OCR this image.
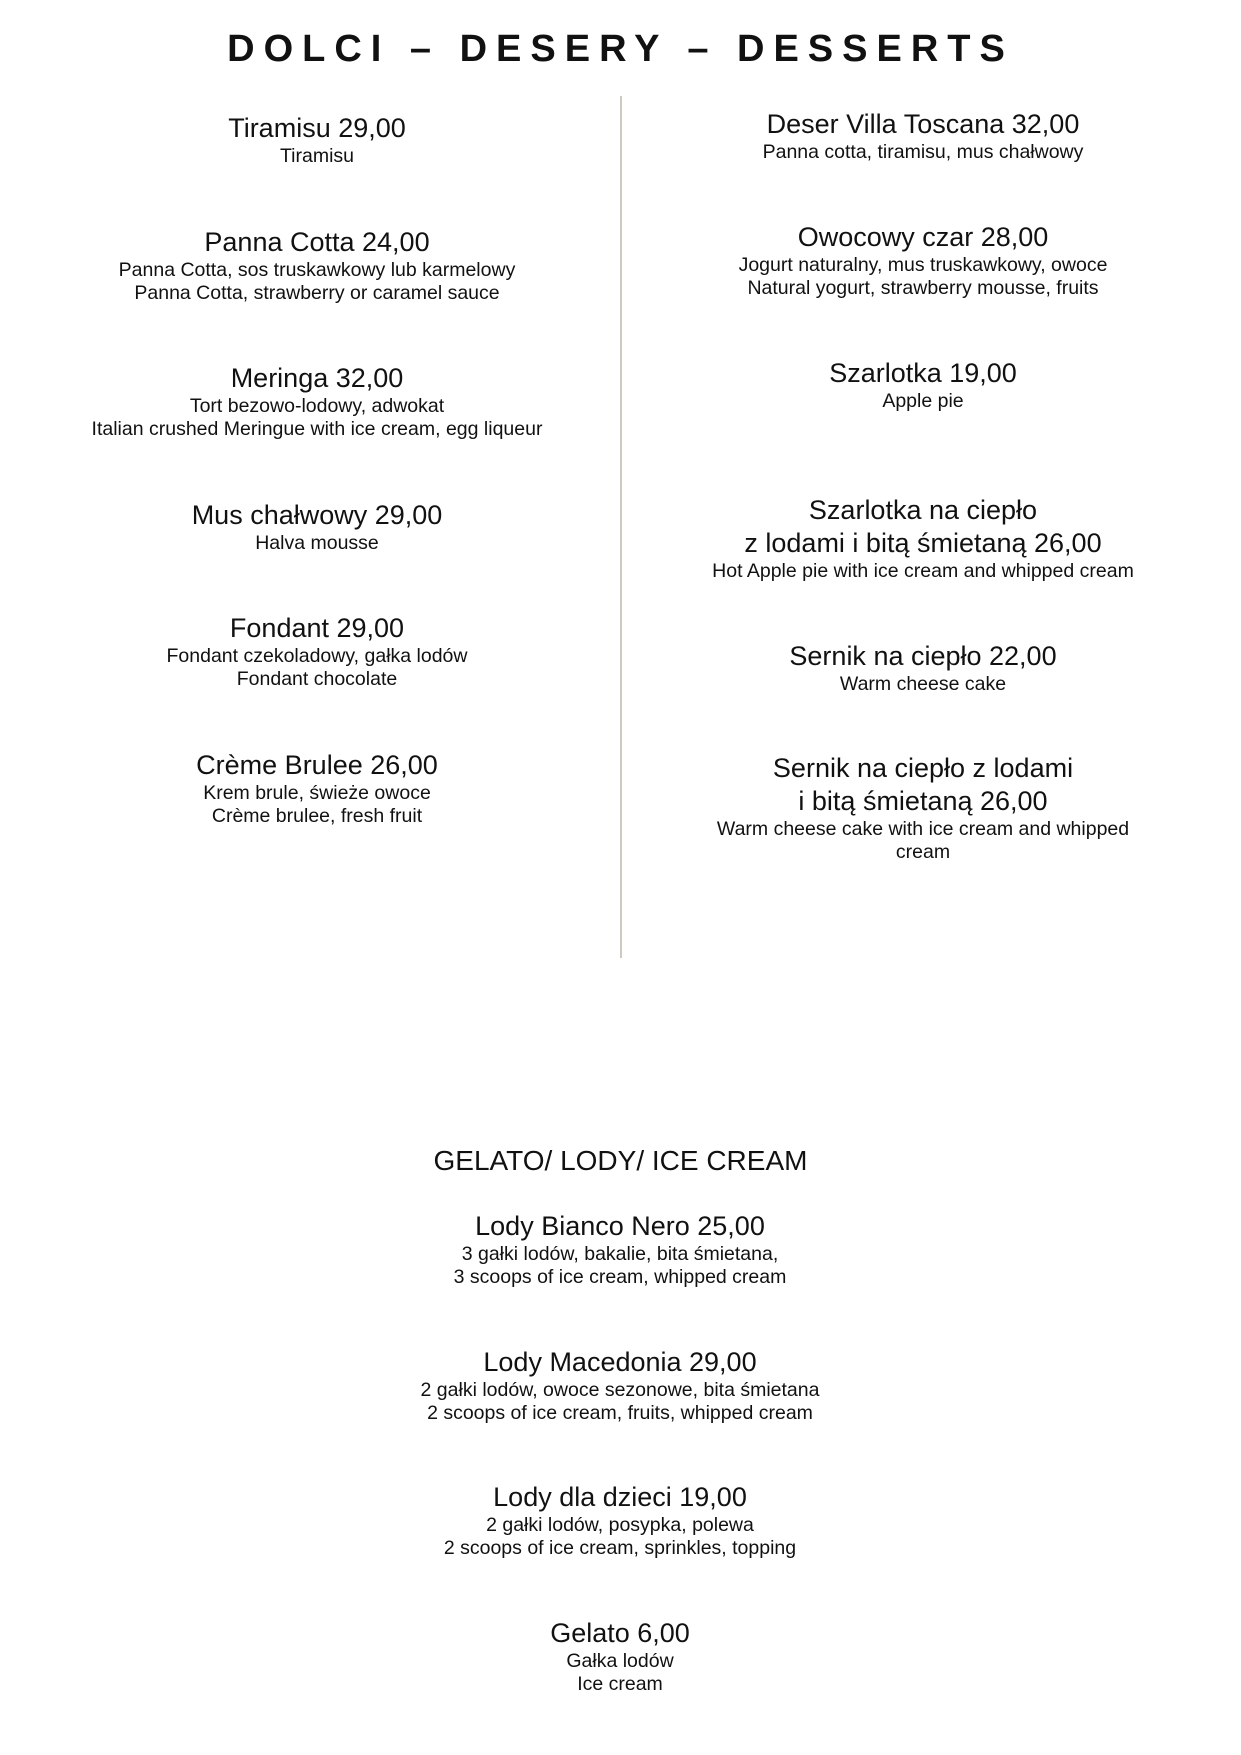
DOLCI – DESERY – DESSERTS
Tiramisu 29,00
Tiramisu
Panna Cotta 24,00
Panna Cotta, sos truskawkowy lub karmelowy
Panna Cotta, strawberry or caramel sauce
Meringa 32,00
Tort bezowo-lodowy, adwokat
Italian crushed Meringue with ice cream, egg liqueur
Mus chałwowy 29,00
Halva mousse
Fondant 29,00
Fondant czekoladowy, gałka lodów
Fondant chocolate
Crème Brulee 26,00
Krem brule, świeże owoce
Crème brulee, fresh fruit
Deser Villa Toscana 32,00
Panna cotta, tiramisu, mus chałwowy
Owocowy czar 28,00
Jogurt naturalny, mus truskawkowy, owoce
Natural yogurt, strawberry mousse, fruits
Szarlotka 19,00
Apple pie
Szarlotka na ciepło
z lodami i bitą śmietaną 26,00
Hot Apple pie with ice cream and whipped cream
Sernik na ciepło 22,00
Warm cheese cake
Sernik na ciepło z lodami
i bitą śmietaną 26,00
Warm cheese cake with ice cream and whipped
cream
GELATO/ LODY/ ICE CREAM
Lody Bianco Nero 25,00
3 gałki lodów, bakalie, bita śmietana,
3 scoops of ice cream, whipped cream
Lody Macedonia 29,00
2 gałki lodów, owoce sezonowe, bita śmietana
2 scoops of ice cream, fruits, whipped cream
Lody dla dzieci 19,00
2 gałki lodów, posypka, polewa
2 scoops of ice cream, sprinkles, topping
Gelato 6,00
Gałka lodów
Ice cream
